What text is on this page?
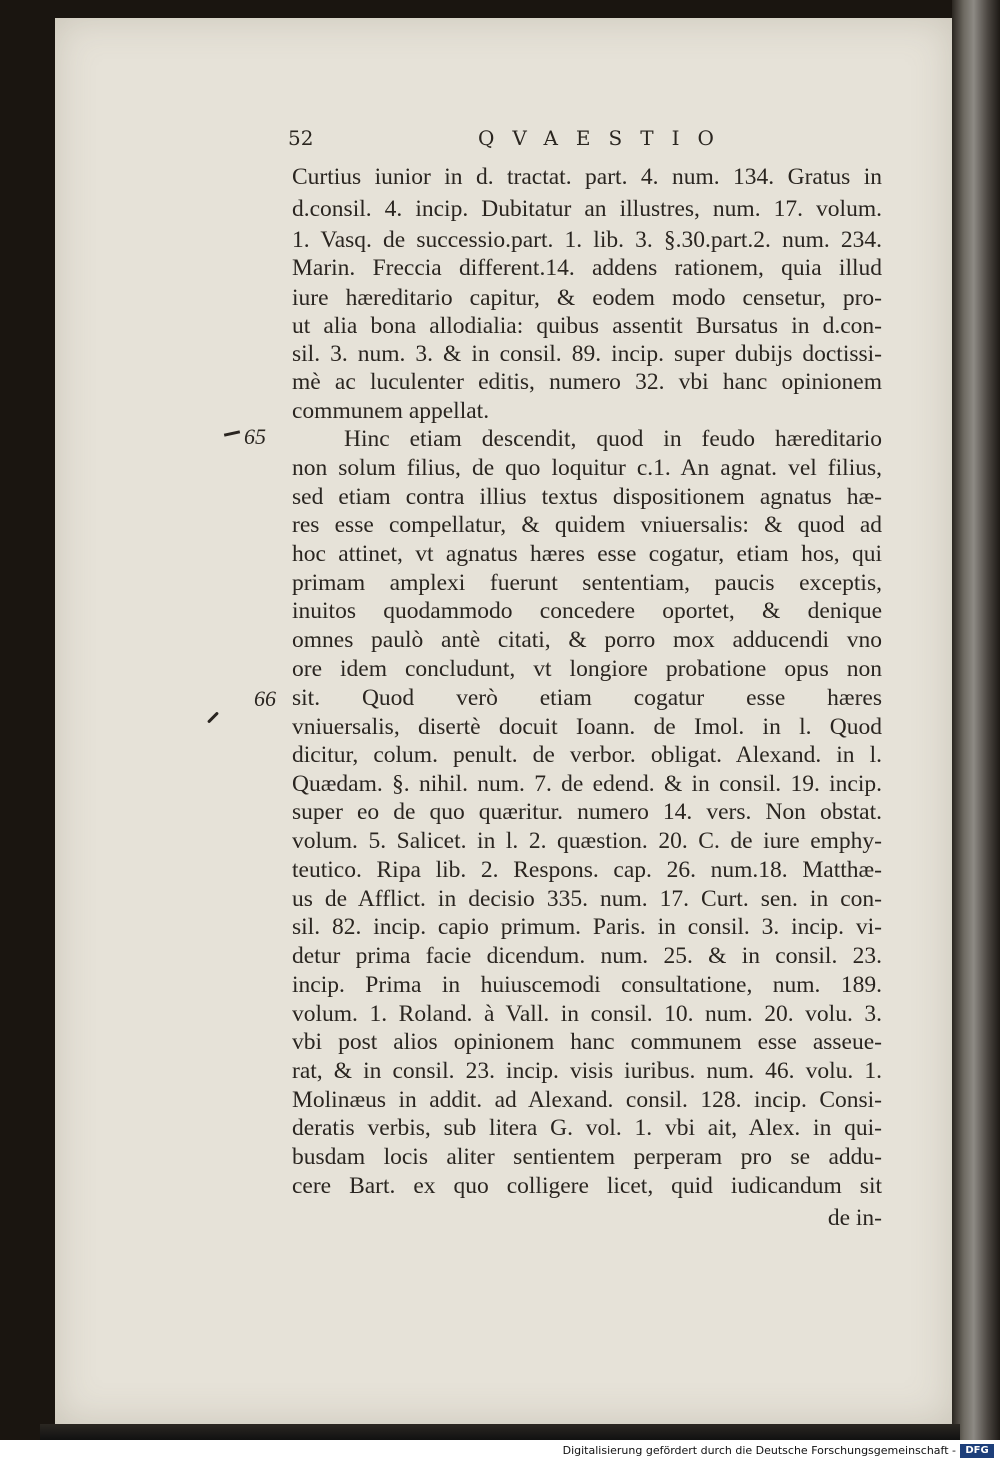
52	QVAESTIO

65

66

Curtius iunior in d. tractat. part. 4. num. 134. Gratus in
d.consil. 4. incip. Dubitatur an illustres, num. 17. volum.
1. Vasq. de successio.part. 1. lib. 3. §.30.part.2. num. 234.
Marin. Freccia different.14. addens rationem, quia illud
iure hæreditario capitur, & eodem modo censetur, pro-
ut alia bona allodialia: quibus assentit Bursatus in d.con-
sil. 3. num. 3. & in consil. 89. incip. super dubijs doctissi-
mè ac luculenter editis, numero 32. vbi hanc opinionem
communem appellat.
Hinc etiam descendit, quod in feudo hæreditario
non solum filius, de quo loquitur c.1. An agnat. vel filius,
sed etiam contra illius textus dispositionem agnatus hæ-
res esse compellatur, & quidem vniuersalis: & quod ad
hoc attinet, vt agnatus hæres esse cogatur, etiam hos, qui
primam amplexi fuerunt sententiam, paucis exceptis,
inuitos quodammodo concedere oportet, & denique
omnes paulò antè citati, & porro mox adducendi vno
ore idem concludunt, vt longiore probatione opus non
sit. Quod verò etiam cogatur esse hæres
vniuersalis, disertè docuit Ioann. de Imol. in l. Quod
dicitur, colum. penult. de verbor. obligat. Alexand. in l.
Quædam. §. nihil. num. 7. de edend. & in consil. 19. incip.
super eo de quo quæritur. numero 14. vers. Non obstat.
volum. 5. Salicet. in l. 2. quæstion. 20. C. de iure emphy-
teutico. Ripa lib. 2. Respons. cap. 26. num.18. Matthæ-
us de Afflict. in decisio 335. num. 17. Curt. sen. in con-
sil. 82. incip. capio primum. Paris. in consil. 3. incip. vi-
detur prima facie dicendum. num. 25. & in consil. 23.
incip. Prima in huiuscemodi consultatione, num. 189.
volum. 1. Roland. à Vall. in consil. 10. num. 20. volu. 3.
vbi post alios opinionem hanc communem esse asseue-
rat, & in consil. 23. incip. visis iuribus. num. 46. volu. 1.
Molinæus in addit. ad Alexand. consil. 128. incip. Consi-
deratis verbis, sub litera G. vol. 1. vbi ait, Alex. in qui-
busdam locis aliter sentientem perperam pro se addu-
cere Bart. ex quo colligere licet, quid iudicandum sit
de in-

Digitalisierung gefördert durch die Deutsche Forschungsgemeinschaft - DFG
